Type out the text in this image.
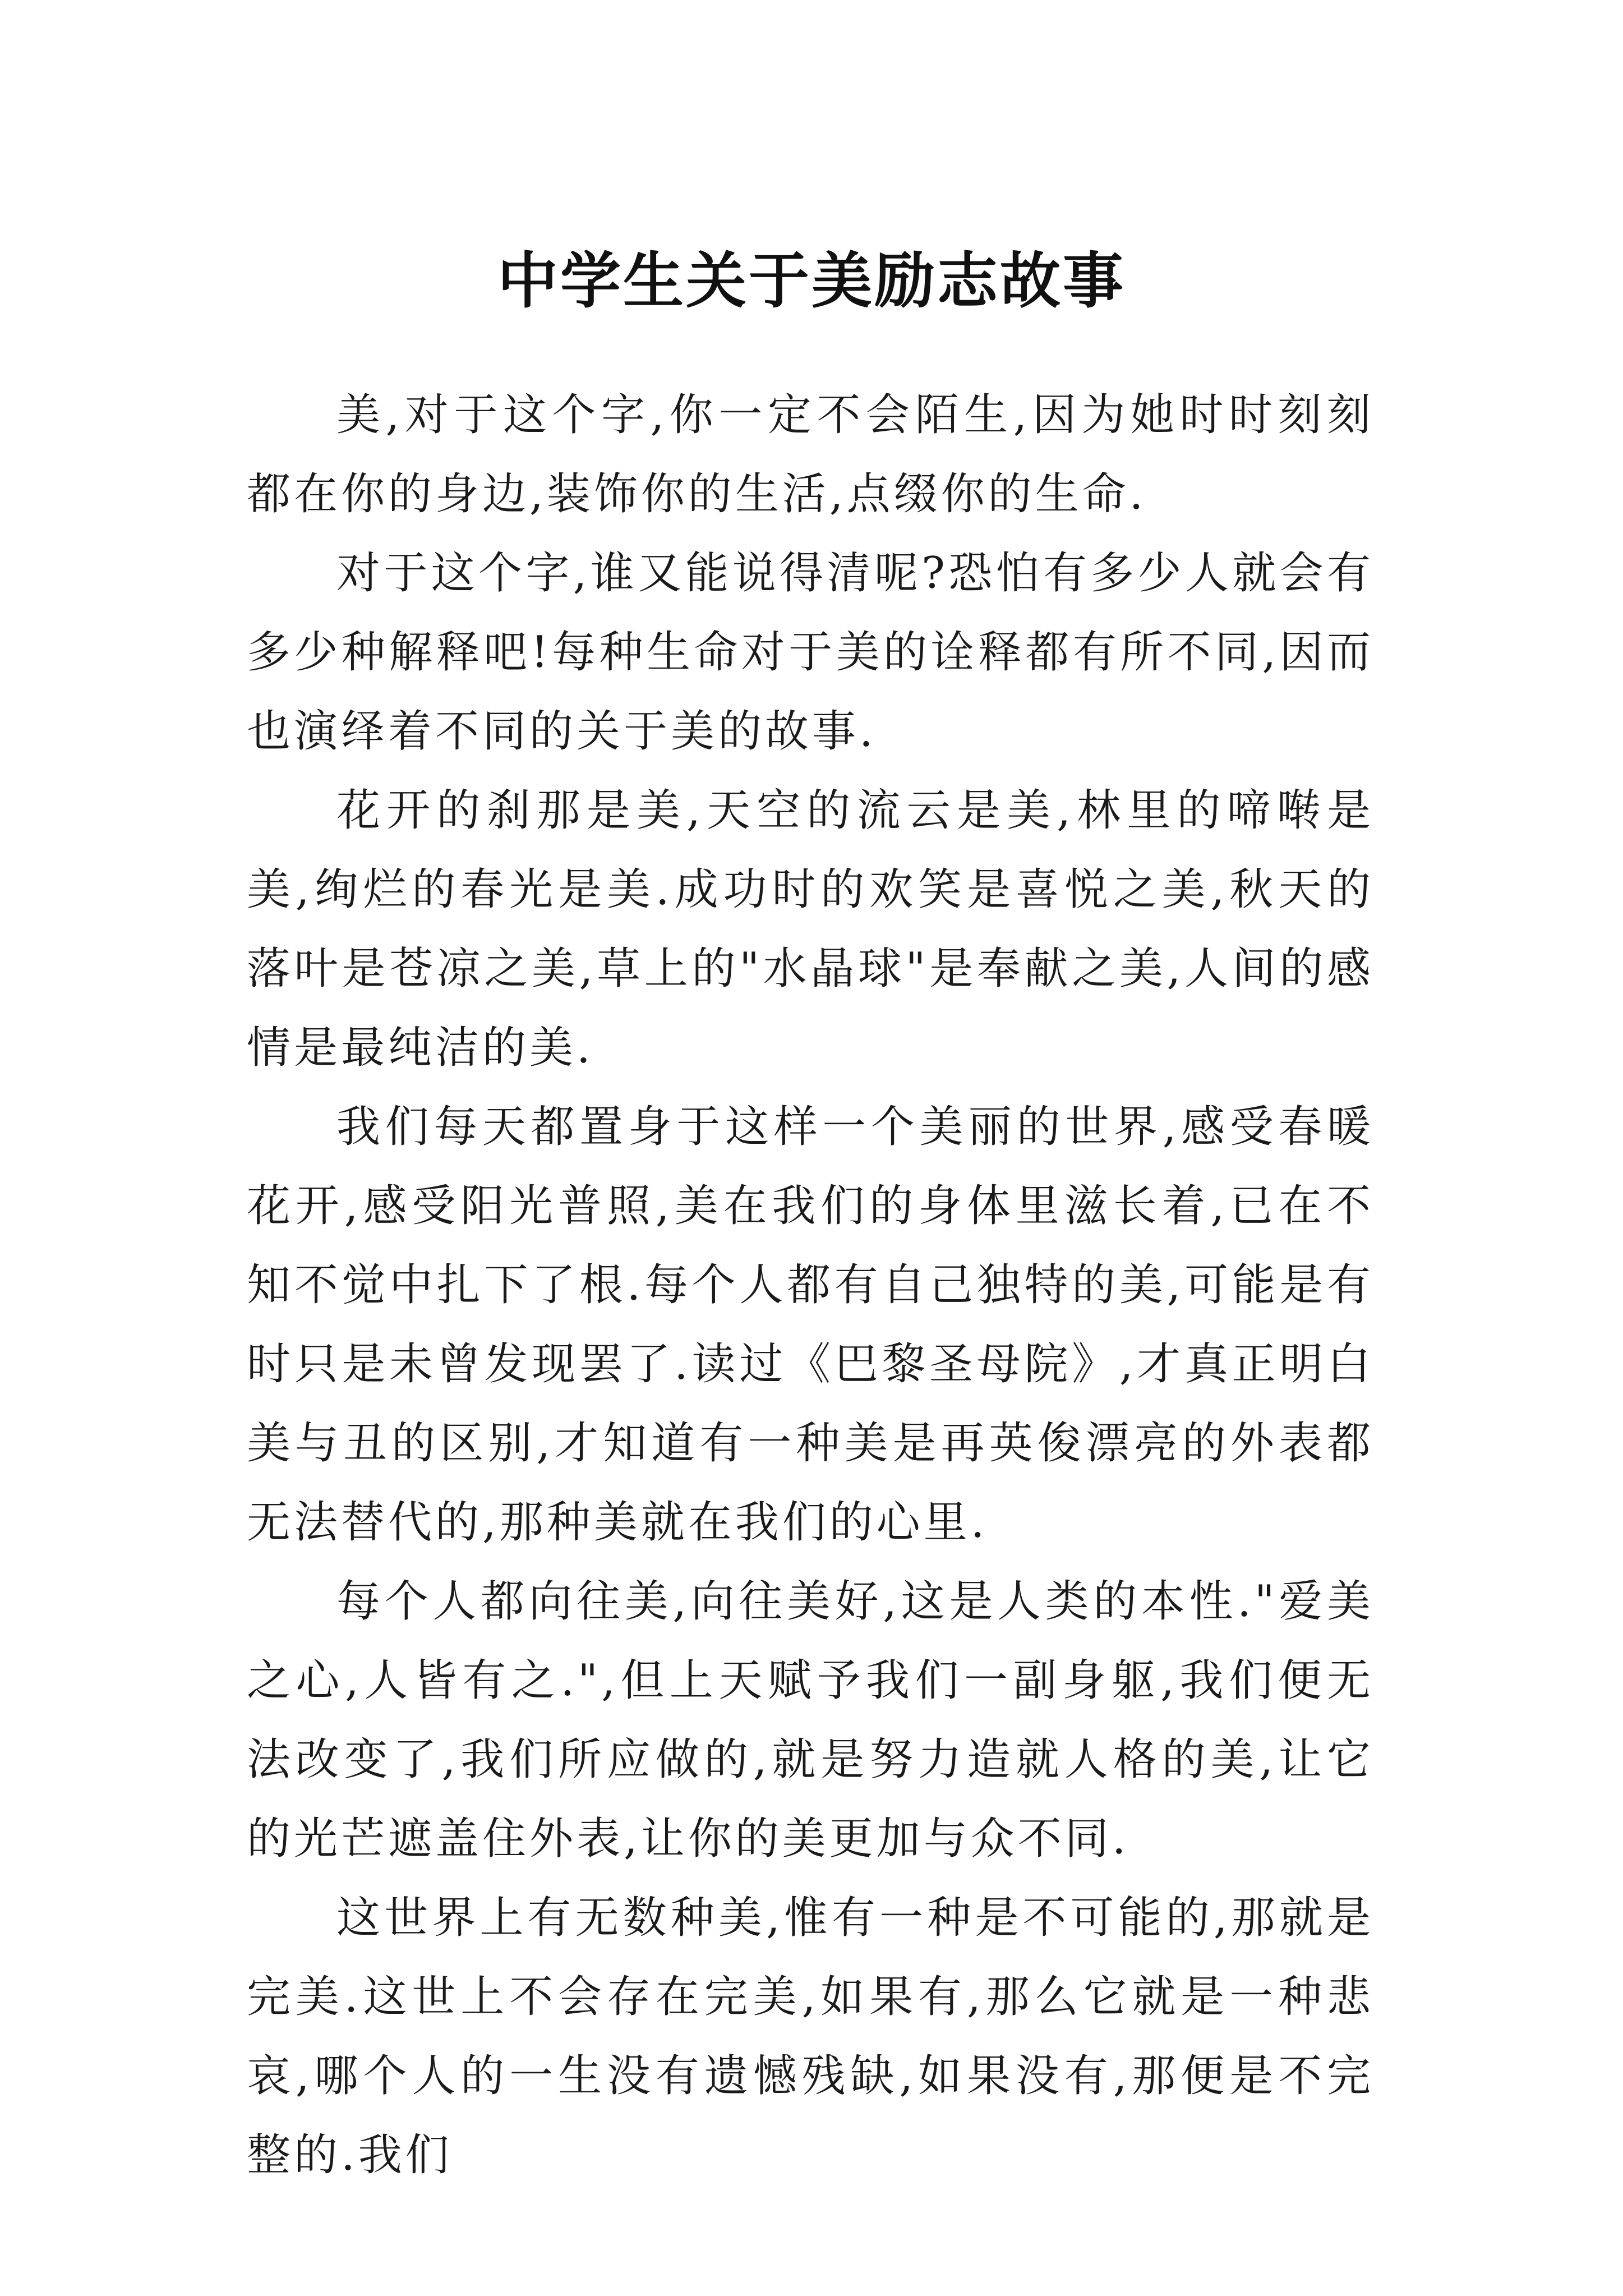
中学生关于美励志故事

美,对于这个字,你一定不会陌生,因为她时时刻刻都在你的身边,装饰你的生活,点缀你的生命.

对于这个字,谁又能说得清呢?恐怕有多少人就会有多少种解释吧!每种生命对于美的诠释都有所不同,因而也演绎着不同的关于美的故事.

花开的刹那是美,天空的流云是美,林里的啼啭是美,绚烂的春光是美.成功时的欢笑是喜悦之美,秋天的落叶是苍凉之美,草上的"水晶球"是奉献之美,人间的感情是最纯洁的美.

我们每天都置身于这样一个美丽的世界,感受春暖花开,感受阳光普照,美在我们的身体里滋长着,已在不知不觉中扎下了根.每个人都有自己独特的美,可能是有时只是未曾发现罢了.读过《巴黎圣母院》,才真正明白美与丑的区别,才知道有一种美是再英俊漂亮的外表都无法替代的,那种美就在我们的心里.

每个人都向往美,向往美好,这是人类的本性."爱美之心,人皆有之.",但上天赋予我们一副身躯,我们便无法改变了,我们所应做的,就是努力造就人格的美,让它的光芒遮盖住外表,让你的美更加与众不同.

这世界上有无数种美,惟有一种是不可能的,那就是完美.这世上不会存在完美,如果有,那么它就是一种悲哀,哪个人的一生没有遗憾残缺,如果没有,那便是不完整的.我们
